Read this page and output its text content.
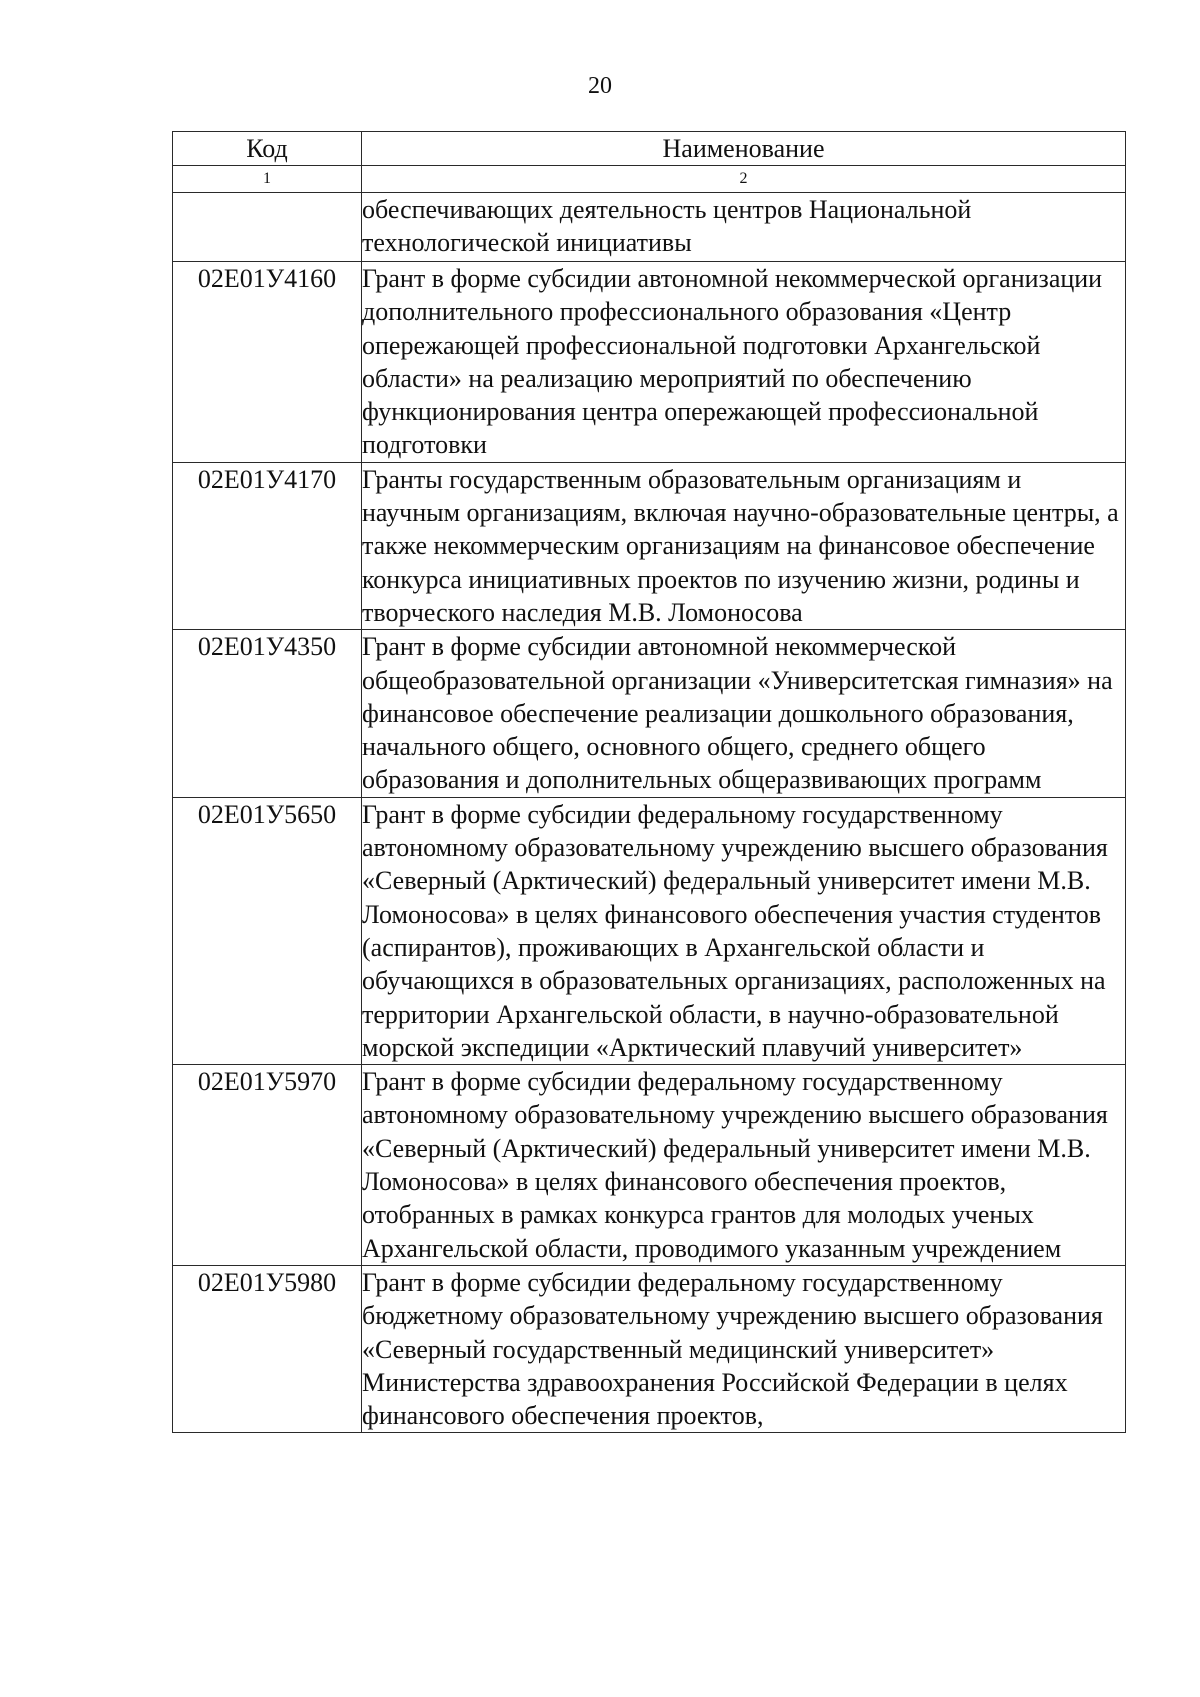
20
Код	Наименование
1	2
	обеспечивающих деятельность центров Национальной технологической инициативы
02E01У4160	Грант в форме субсидии автономной некоммерческой организации дополнительного профессионального образования «Центр опережающей профессиональной подготовки Архангельской области» на реализацию мероприятий по обеспечению функционирования центра опережающей профессиональной подготовки
02E01У4170	Гранты государственным образовательным организациям и научным организациям, включая научно-образовательные центры, а также некоммерческим организациям на финансовое обеспечение конкурса инициативных проектов по изучению жизни, родины и творческого наследия М.В. Ломоносова
02E01У4350	Грант в форме субсидии автономной некоммерческой общеобразовательной организации «Университетская гимназия» на финансовое обеспечение реализации дошкольного образования, начального общего, основного общего, среднего общего образования и дополнительных общеразвивающих программ
02E01У5650	Грант в форме субсидии федеральному государственному автономному образовательному учреждению высшего образования «Северный (Арктический) федеральный университет имени М.В. Ломоносова» в целях финансового обеспечения участия студентов (аспирантов), проживающих в Архангельской области и обучающихся в образовательных организациях, расположенных на территории Архангельской области, в научно-образовательной морской экспедиции «Арктический плавучий университет»
02E01У5970	Грант в форме субсидии федеральному государственному автономному образовательному учреждению высшего образования «Северный (Арктический) федеральный университет имени М.В. Ломоносова» в целях финансового обеспечения проектов, отобранных в рамках конкурса грантов для молодых ученых Архангельской области, проводимого указанным учреждением
02E01У5980	Грант в форме субсидии федеральному государственному бюджетному образовательному учреждению высшего образования «Северный государственный медицинский университет» Министерства здравоохранения Российской Федерации в целях финансового обеспечения проектов,
